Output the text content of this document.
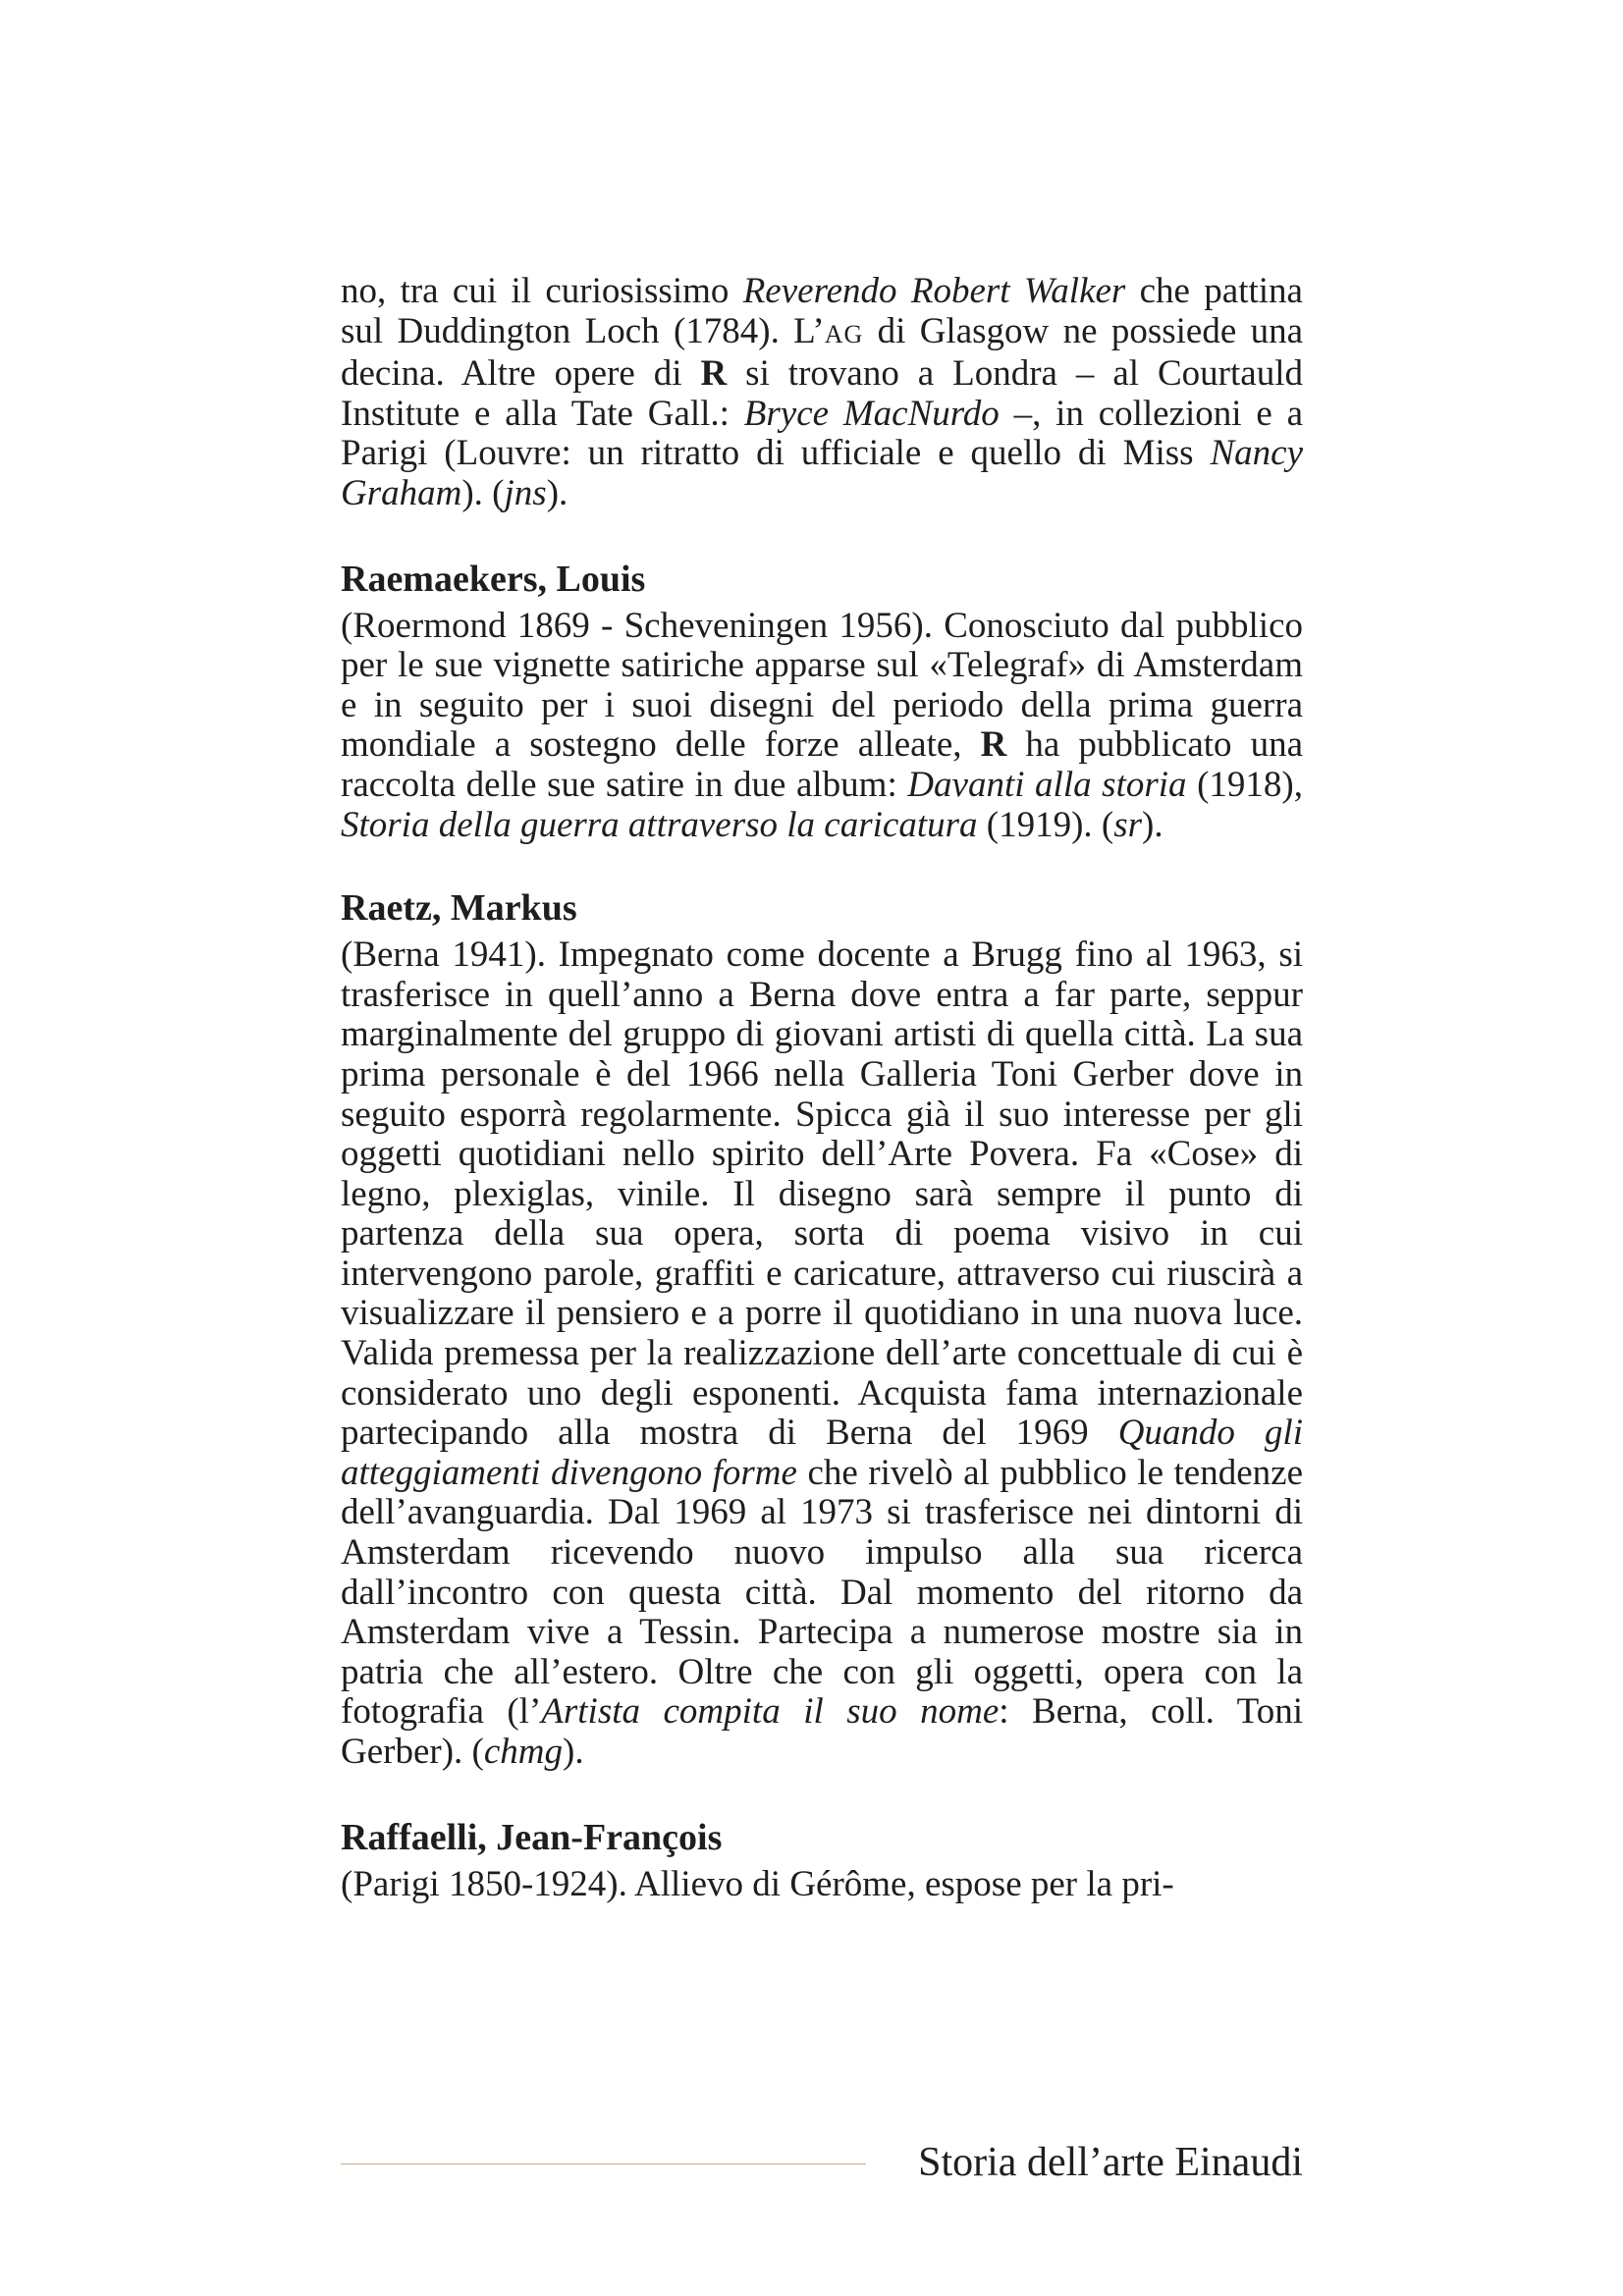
no, tra cui il curiosissimo Reverendo Robert Walker che pattina sul Duddington Loch (1784). L’AG di Glasgow ne possiede una decina. Altre opere di R si trovano a Londra – al Courtauld Institute e alla Tate Gall.: Bryce MacNurdo –, in collezioni e a Parigi (Louvre: un ritratto di ufficiale e quello di Miss Nancy Graham). (jns).

Raemaekers, Louis

(Roermond 1869 - Scheveningen 1956). Conosciuto dal pubblico per le sue vignette satiriche apparse sul «Telegraf» di Amsterdam e in seguito per i suoi disegni del periodo della prima guerra mondiale a sostegno delle forze alleate, R ha pubblicato una raccolta delle sue satire in due album: Davanti alla storia (1918), Storia della guerra attraverso la caricatura (1919). (sr).

Raetz, Markus

(Berna 1941). Impegnato come docente a Brugg fino al 1963, si trasferisce in quell’anno a Berna dove entra a far parte, seppur marginalmente del gruppo di giovani artisti di quella città. La sua prima personale è del 1966 nella Galleria Toni Gerber dove in seguito esporrà regolarmente. Spicca già il suo interesse per gli oggetti quotidiani nello spirito dell’Arte Povera. Fa «Cose» di legno, plexiglas, vinile. Il disegno sarà sempre il punto di partenza della sua opera, sorta di poema visivo in cui intervengono parole, graffiti e caricature, attraverso cui riuscirà a visualizzare il pensiero e a porre il quotidiano in una nuova luce. Valida premessa per la realizzazione dell’arte concettuale di cui è considerato uno degli esponenti. Acquista fama internazionale partecipando alla mostra di Berna del 1969 Quando gli atteggiamenti divengono forme che rivelò al pubblico le tendenze dell’avanguardia. Dal 1969 al 1973 si trasferisce nei dintorni di Amsterdam ricevendo nuovo impulso alla sua ricerca dall’incontro con questa città. Dal momento del ritorno da Amsterdam vive a Tessin. Partecipa a numerose mostre sia in patria che all’estero. Oltre che con gli oggetti, opera con la fotografia (l’Artista compita il suo nome: Berna, coll. Toni Gerber). (chmg).

Raffaelli, Jean-François

(Parigi 1850-1924). Allievo di Gérôme, espose per la pri-

Storia dell’arte Einaudi
